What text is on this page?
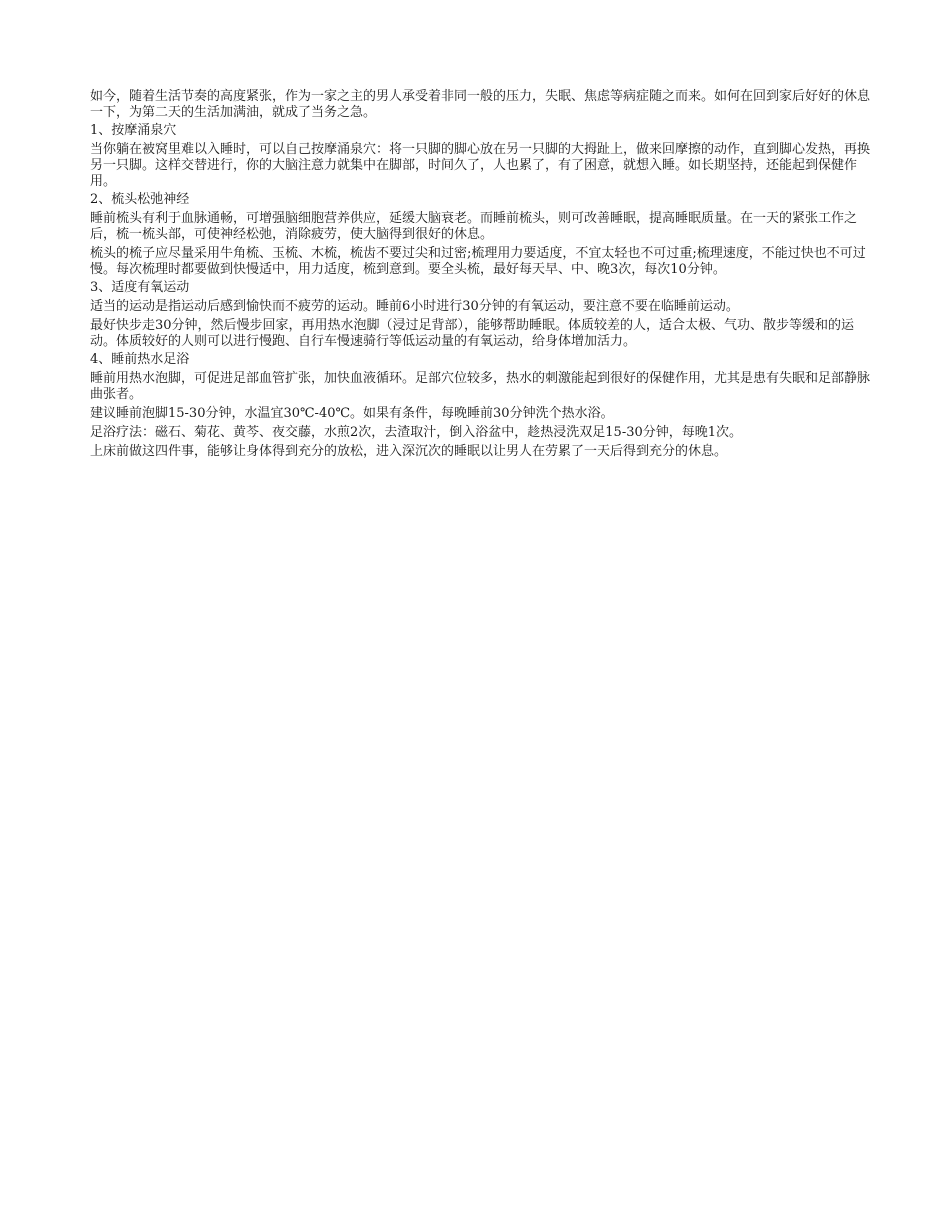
如今，随着生活节奏的高度紧张，作为一家之主的男人承受着非同一般的压力，失眠、焦虑等病症随之而来。如何在回到家后好好的休息一下，为第二天的生活加满油，就成了当务之急。

1、按摩涌泉穴

当你躺在被窝里难以入睡时，可以自己按摩涌泉穴：将一只脚的脚心放在另一只脚的大拇趾上，做来回摩擦的动作，直到脚心发热，再换另一只脚。这样交替进行，你的大脑注意力就集中在脚部，时间久了，人也累了，有了困意，就想入睡。如长期坚持，还能起到保健作用。

2、梳头松弛神经

睡前梳头有利于血脉通畅，可增强脑细胞营养供应，延缓大脑衰老。而睡前梳头，则可改善睡眠，提高睡眠质量。在一天的紧张工作之后，梳一梳头部，可使神经松弛，消除疲劳，使大脑得到很好的休息。

梳头的梳子应尽量采用牛角梳、玉梳、木梳，梳齿不要过尖和过密;梳理用力要适度，不宜太轻也不可过重;梳理速度，不能过快也不可过慢。每次梳理时都要做到快慢适中，用力适度，梳到意到。要全头梳，最好每天早、中、晚3次，每次10分钟。

3、适度有氧运动

适当的运动是指运动后感到愉快而不疲劳的运动。睡前6小时进行30分钟的有氧运动，要注意不要在临睡前运动。

最好快步走30分钟，然后慢步回家，再用热水泡脚（浸过足背部），能够帮助睡眠。体质较差的人，适合太极、气功、散步等缓和的运动。体质较好的人则可以进行慢跑、自行车慢速骑行等低运动量的有氧运动，给身体增加活力。

4、睡前热水足浴

睡前用热水泡脚，可促进足部血管扩张，加快血液循环。足部穴位较多，热水的刺激能起到很好的保健作用，尤其是患有失眠和足部静脉曲张者。

建议睡前泡脚15-30分钟，水温宜30℃-40℃。如果有条件，每晚睡前30分钟洗个热水浴。

足浴疗法：磁石、菊花、黄芩、夜交藤，水煎2次，去渣取汁，倒入浴盆中，趁热浸洗双足15-30分钟，每晚1次。

上床前做这四件事，能够让身体得到充分的放松，进入深沉次的睡眠以让男人在劳累了一天后得到充分的休息。
